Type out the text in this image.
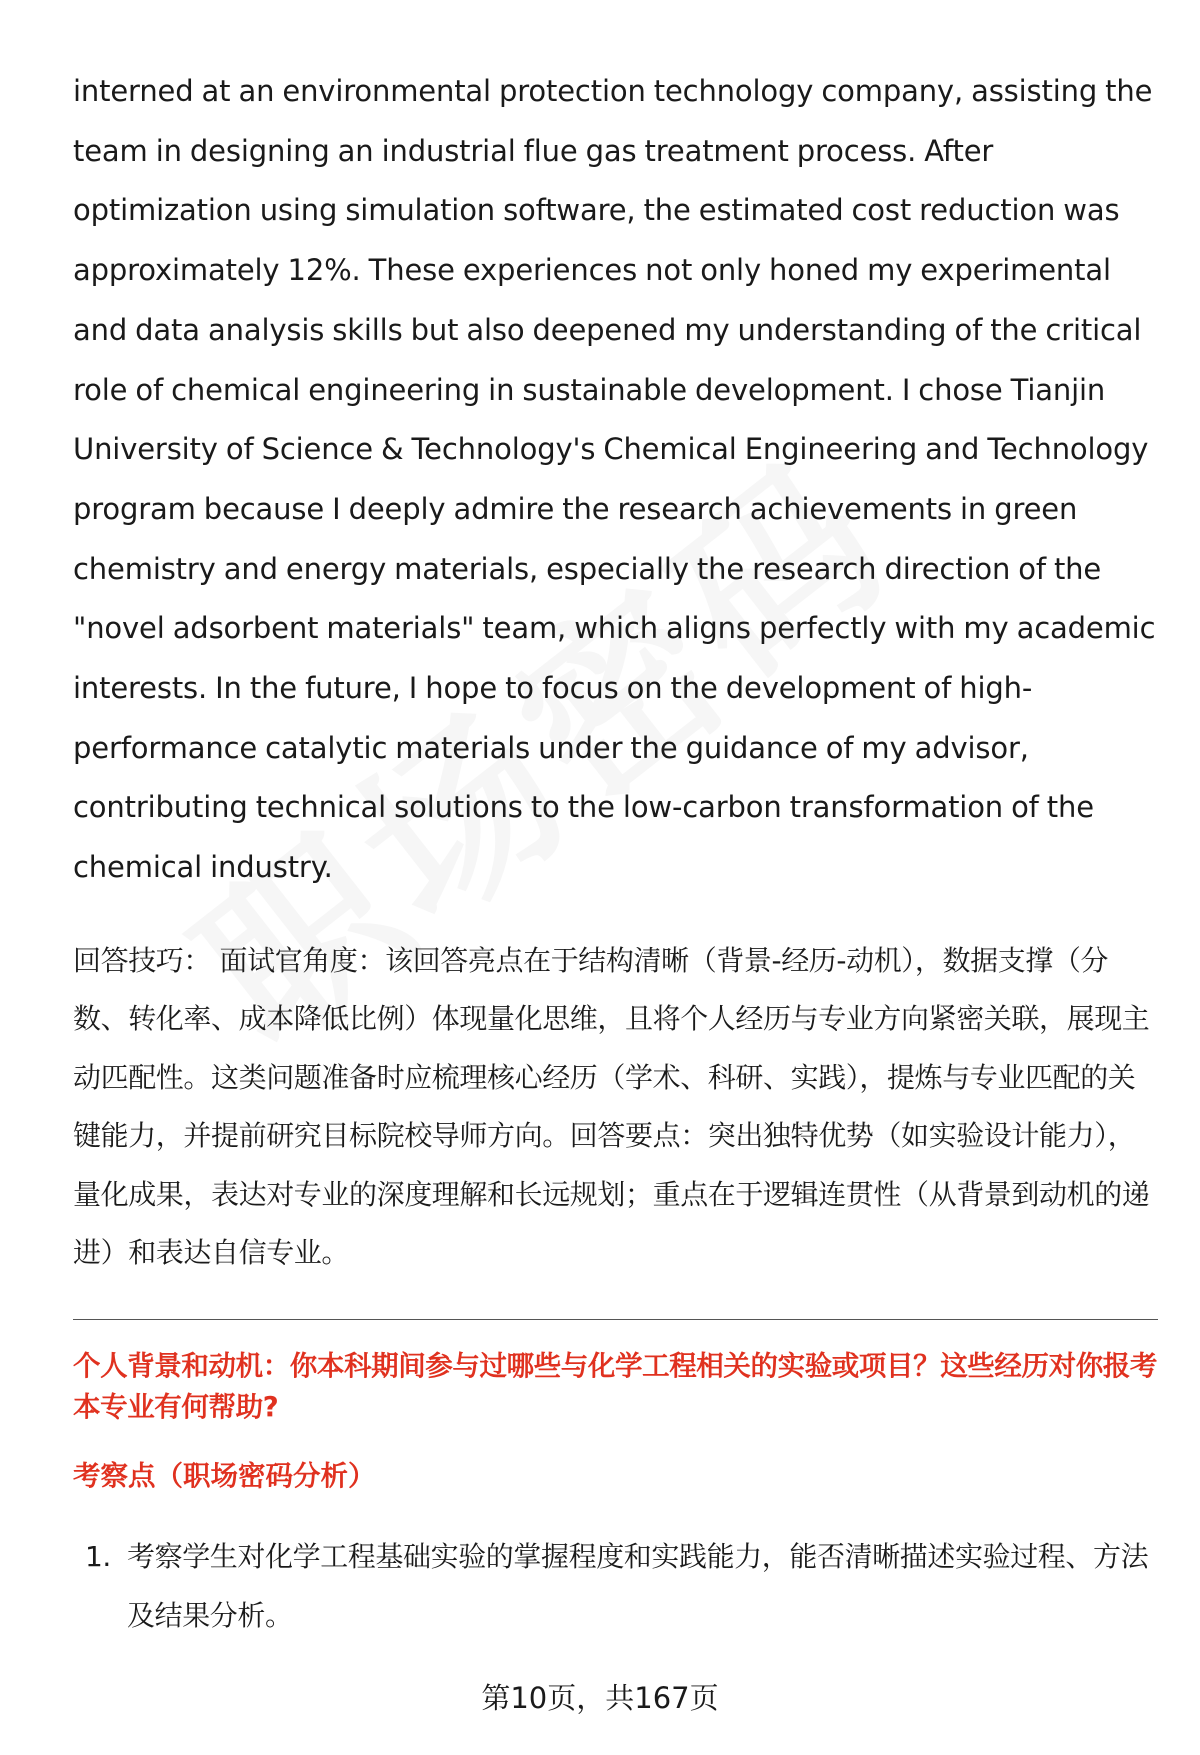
interned at an environmental protection technology company, assisting the team in designing an industrial flue gas treatment process. After optimization using simulation software, the estimated cost reduction was approximately 12%. These experiences not only honed my experimental and data analysis skills but also deepened my understanding of the critical role of chemical engineering in sustainable development. I chose Tianjin University of Science & Technology's Chemical Engineering and Technology program because I deeply admire the research achievements in green chemistry and energy materials, especially the research direction of the "novel adsorbent materials" team, which aligns perfectly with my academic interests. In the future, I hope to focus on the development of high-performance catalytic materials under the guidance of my advisor, contributing technical solutions to the low-carbon transformation of the chemical industry.

回答技巧： 面试官角度：该回答亮点在于结构清晰（背景-经历-动机），数据支撑（分数、转化率、成本降低比例）体现量化思维，且将个人经历与专业方向紧密关联，展现主动匹配性。这类问题准备时应梳理核心经历（学术、科研、实践），提炼与专业匹配的关键能力，并提前研究目标院校导师方向。回答要点：突出独特优势（如实验设计能力），量化成果，表达对专业的深度理解和长远规划；重点在于逻辑连贯性（从背景到动机的递进）和表达自信专业。

个人背景和动机：你本科期间参与过哪些与化学工程相关的实验或项目？这些经历对你报考本专业有何帮助?
考察点（职场密码分析）
1. 考察学生对化学工程基础实验的掌握程度和实践能力，能否清晰描述实验过程、方法及结果分析。
第10页，共167页
